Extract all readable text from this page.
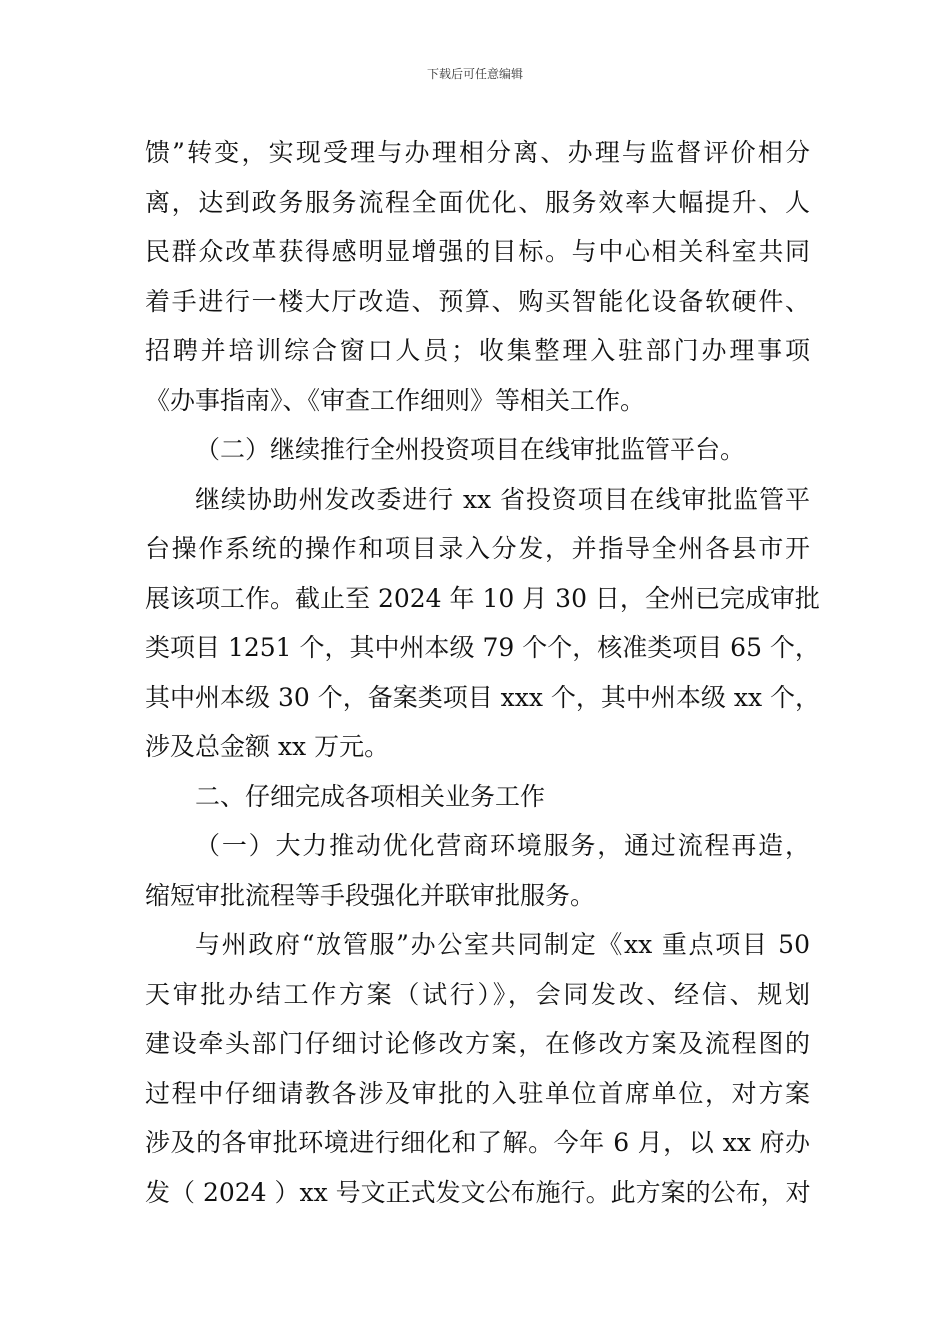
下载后可任意编辑
馈”转变，实现受理与办理相分离、办理与监督评价相分
离，达到政务服务流程全面优化、服务效率大幅提升、人
民群众改革获得感明显增强的目标。与中心相关科室共同
着手进行一楼大厅改造、预算、购买智能化设备软硬件、
招聘并培训综合窗口人员；收集整理入驻部门办理事项
《办事指南》、《审查工作细则》等相关工作。
（二）继续推行全州投资项目在线审批监管平台。
继续协助州发改委进行 xx 省投资项目在线审批监管平
台操作系统的操作和项目录入分发，并指导全州各县市开
展该项工作。截止至 2024 年 10 月 30 日，全州已完成审批
类项目 1251 个，其中州本级 79 个个，核准类项目 65 个，
其中州本级 30 个，备案类项目 xxx 个，其中州本级 xx 个，
涉及总金额 xx 万元。
二、仔细完成各项相关业务工作
（一）大力推动优化营商环境服务，通过流程再造，
缩短审批流程等手段强化并联审批服务。
与州政府“放管服”办公室共同制定《xx 重点项目 50
天审批办结工作方案（试行）》，会同发改、经信、规划
建设牵头部门仔细讨论修改方案，在修改方案及流程图的
过程中仔细请教各涉及审批的入驻单位首席单位，对方案
涉及的各审批环境进行细化和了解。今年 6 月，以 xx 府办
发（ 2024 ）xx 号文正式发文公布施行。此方案的公布，对
